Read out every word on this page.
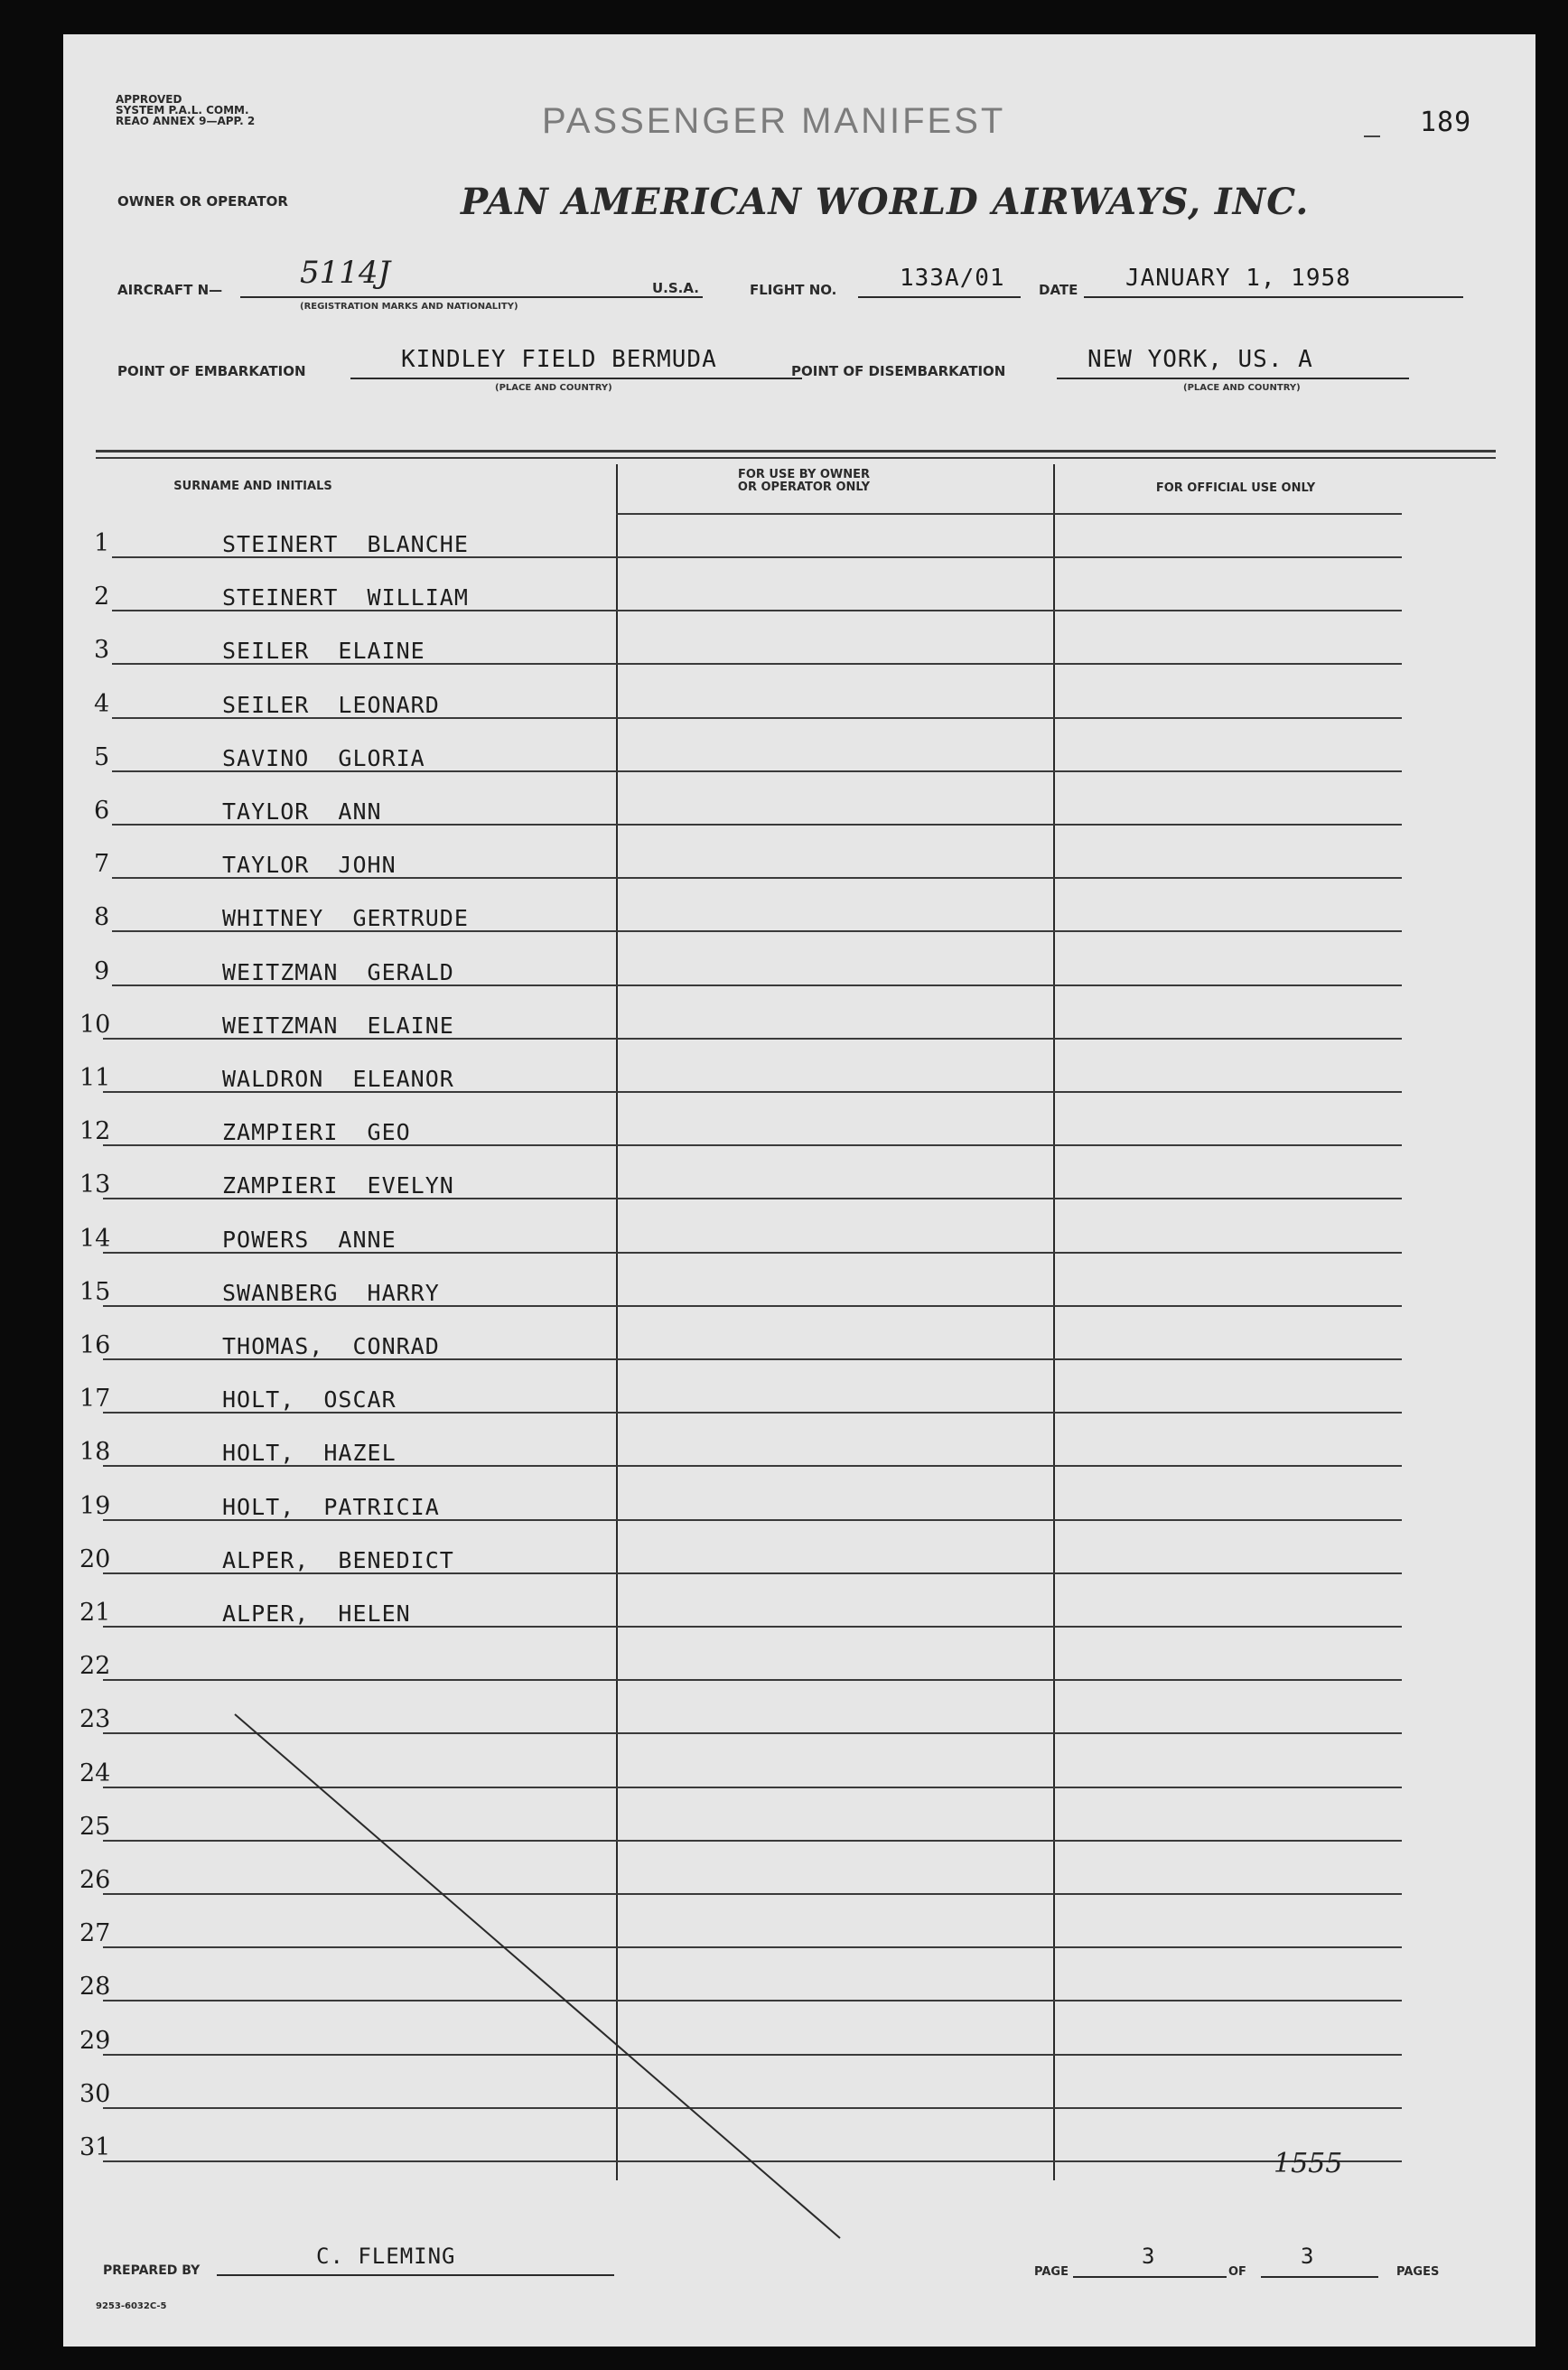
APPROVED
SYSTEM P.A.L. COMM.
REAO ANNEX 9—APP. 2	PASSENGER MANIFEST	189
OWNER OR OPERATOR	PAN AMERICAN WORLD AIRWAYS, INC.
AIRCRAFT N—	5114J
(REGISTRATION MARKS AND NATIONALITY)
U.S.A.	FLIGHT NO.	133A/01 DATE JANUARY 1, 1958
POINT OF EMBARKATION	KINDLEY FIELD BERMUDA
(PLACE AND COUNTRY)
POINT OF DISEMBARKATION	NEW YORK, US. A
(PLACE AND COUNTRY)
SURNAME AND INITIALS
FOR USE BY OWNER OR OPERATOR ONLY	FOR OFFICIAL USE ONLY
1	STEINERT BLANCHE
2	STEINERT WILLIAM
3	SEILER ELAINE
4	SEILER LEONARD
5	SAVINO GLORIA
6	TAYLOR ANN
7	TAYLOR JOHN
8	WHITNEY GERTRUDE
9	WEITZMAN GERALD
10	WEITZMAN ELAINE
11	WALDRON ELEANOR
12	ZAMPIERI GEO
13	ZAMPIERI EVELYN
14	POWERS ANNE
15	SWANBERG HARRY
16	THOMAS, CONRAD
17	HOLT, OSCAR
18	HOLT, HAZEL
19	HOLT, PATRICIA
20	ALPER, BENEDICT
21	ALPER, HELEN
22

23

24

25

26

27

28

29

30

31

1555
PREPARED BY
C. FLEMING
PAGE
3
OF
3
PAGES
9253-6032C-5
